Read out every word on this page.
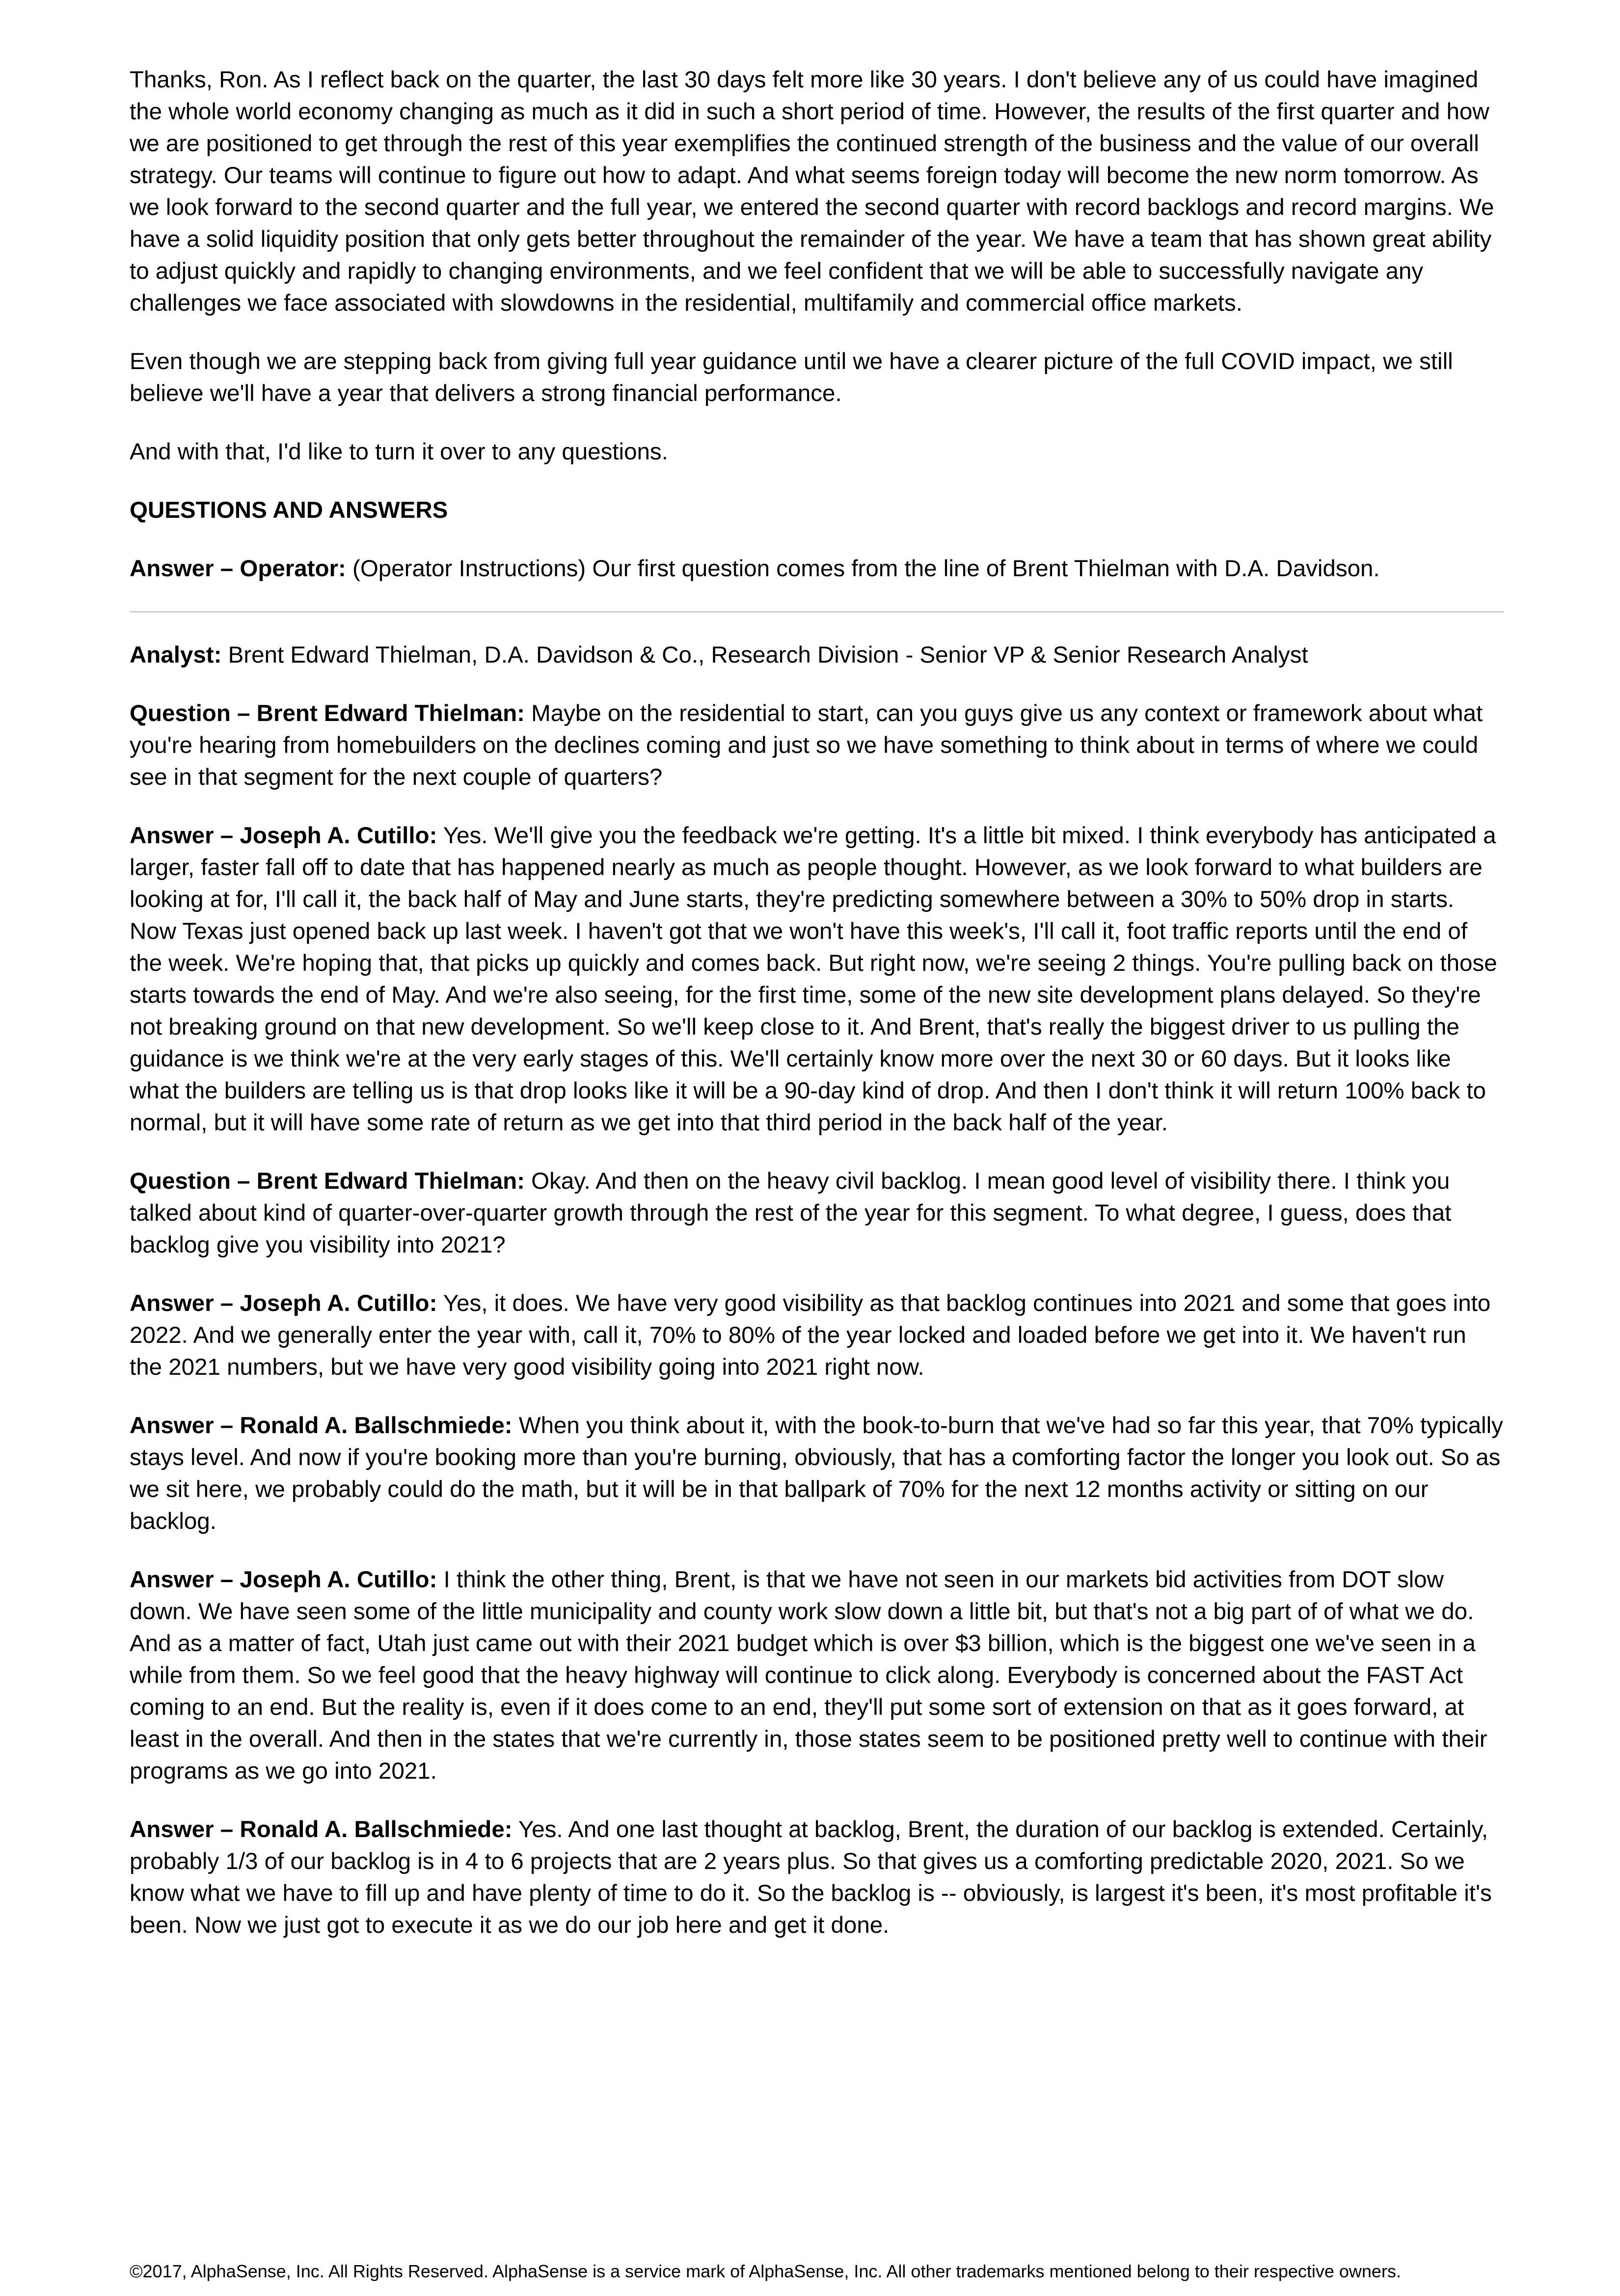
Thanks, Ron. As I reflect back on the quarter, the last 30 days felt more like 30 years. I don't believe any of us could have imagined the whole world economy changing as much as it did in such a short period of time. However, the results of the first quarter and how we are positioned to get through the rest of this year exemplifies the continued strength of the business and the value of our overall strategy. Our teams will continue to figure out how to adapt. And what seems foreign today will become the new norm tomorrow. As we look forward to the second quarter and the full year, we entered the second quarter with record backlogs and record margins. We have a solid liquidity position that only gets better throughout the remainder of the year. We have a team that has shown great ability to adjust quickly and rapidly to changing environments, and we feel confident that we will be able to successfully navigate any challenges we face associated with slowdowns in the residential, multifamily and commercial office markets.

Even though we are stepping back from giving full year guidance until we have a clearer picture of the full COVID impact, we still believe we'll have a year that delivers a strong financial performance.

And with that, I'd like to turn it over to any questions.

QUESTIONS AND ANSWERS

Answer – Operator: (Operator Instructions) Our first question comes from the line of Brent Thielman with D.A. Davidson.

Analyst: Brent Edward Thielman, D.A. Davidson & Co., Research Division - Senior VP & Senior Research Analyst

Question – Brent Edward Thielman: Maybe on the residential to start, can you guys give us any context or framework about what you're hearing from homebuilders on the declines coming and just so we have something to think about in terms of where we could see in that segment for the next couple of quarters?

Answer – Joseph A. Cutillo: Yes. We'll give you the feedback we're getting. It's a little bit mixed. I think everybody has anticipated a larger, faster fall off to date that has happened nearly as much as people thought. However, as we look forward to what builders are looking at for, I'll call it, the back half of May and June starts, they're predicting somewhere between a 30% to 50% drop in starts. Now Texas just opened back up last week. I haven't got that we won't have this week's, I'll call it, foot traffic reports until the end of the week. We're hoping that, that picks up quickly and comes back. But right now, we're seeing 2 things. You're pulling back on those starts towards the end of May. And we're also seeing, for the first time, some of the new site development plans delayed. So they're not breaking ground on that new development. So we'll keep close to it. And Brent, that's really the biggest driver to us pulling the guidance is we think we're at the very early stages of this. We'll certainly know more over the next 30 or 60 days. But it looks like what the builders are telling us is that drop looks like it will be a 90-day kind of drop. And then I don't think it will return 100% back to normal, but it will have some rate of return as we get into that third period in the back half of the year.

Question – Brent Edward Thielman: Okay. And then on the heavy civil backlog. I mean good level of visibility there. I think you talked about kind of quarter-over-quarter growth through the rest of the year for this segment. To what degree, I guess, does that backlog give you visibility into 2021?

Answer – Joseph A. Cutillo: Yes, it does. We have very good visibility as that backlog continues into 2021 and some that goes into 2022. And we generally enter the year with, call it, 70% to 80% of the year locked and loaded before we get into it. We haven't run the 2021 numbers, but we have very good visibility going into 2021 right now.

Answer – Ronald A. Ballschmiede: When you think about it, with the book-to-burn that we've had so far this year, that 70% typically stays level. And now if you're booking more than you're burning, obviously, that has a comforting factor the longer you look out. So as we sit here, we probably could do the math, but it will be in that ballpark of 70% for the next 12 months activity or sitting on our backlog.

Answer – Joseph A. Cutillo: I think the other thing, Brent, is that we have not seen in our markets bid activities from DOT slow down. We have seen some of the little municipality and county work slow down a little bit, but that's not a big part of of what we do. And as a matter of fact, Utah just came out with their 2021 budget which is over $3 billion, which is the biggest one we've seen in a while from them. So we feel good that the heavy highway will continue to click along. Everybody is concerned about the FAST Act coming to an end. But the reality is, even if it does come to an end, they'll put some sort of extension on that as it goes forward, at least in the overall. And then in the states that we're currently in, those states seem to be positioned pretty well to continue with their programs as we go into 2021.

Answer – Ronald A. Ballschmiede: Yes. And one last thought at backlog, Brent, the duration of our backlog is extended. Certainly, probably 1/3 of our backlog is in 4 to 6 projects that are 2 years plus. So that gives us a comforting predictable 2020, 2021. So we know what we have to fill up and have plenty of time to do it. So the backlog is -- obviously, is largest it's been, it's most profitable it's been. Now we just got to execute it as we do our job here and get it done.

©2017, AlphaSense, Inc. All Rights Reserved. AlphaSense is a service mark of AlphaSense, Inc. All other trademarks mentioned belong to their respective owners.
